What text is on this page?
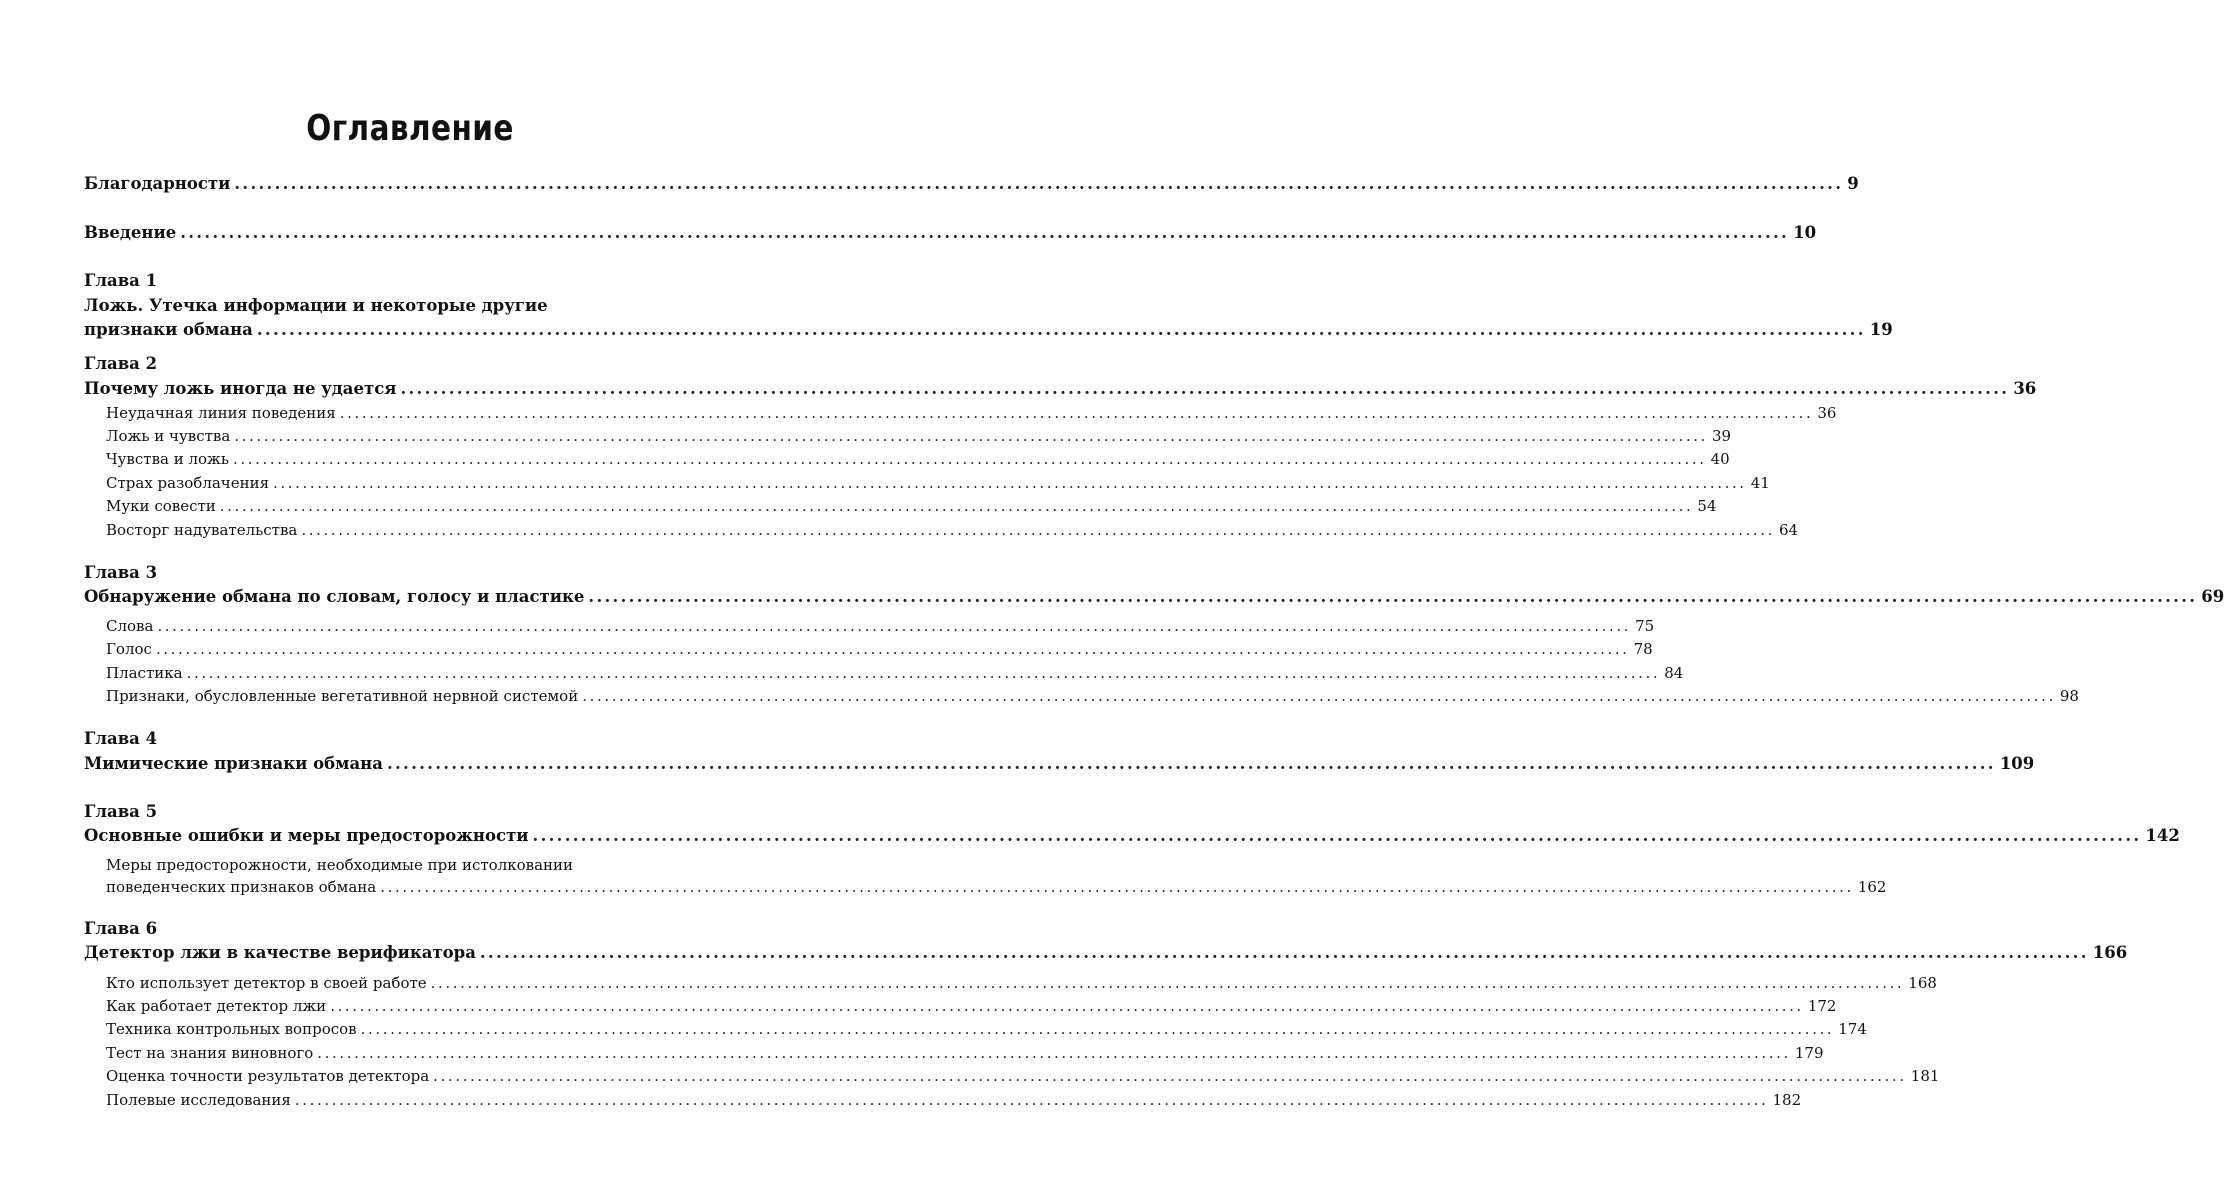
Оглавление
Благодарности ........................................................................................................................................................................................................ 9
Введение ........................................................................................................................................................................................................ 10
Глава 1
Ложь. Утечка информации и некоторые другие
признаки обмана ........................................................................................................................................................................................................ 19
Глава 2
Почему ложь иногда не удается ........................................................................................................................................................................................................ 36
Неудачная линия поведения ........................................................................................................................................................................................................ 36
Ложь и чувства ........................................................................................................................................................................................................ 39
Чувства и ложь ........................................................................................................................................................................................................ 40
Страх разоблачения ........................................................................................................................................................................................................ 41
Муки совести ........................................................................................................................................................................................................ 54
Восторг надувательства ........................................................................................................................................................................................................ 64
Глава 3
Обнаружение обмана по словам, голосу и пластике ........................................................................................................................................................................................................ 69
Слова ........................................................................................................................................................................................................ 75
Голос ........................................................................................................................................................................................................ 78
Пластика ........................................................................................................................................................................................................ 84
Признаки, обусловленные вегетативной нервной системой ........................................................................................................................................................................................................ 98
Глава 4
Мимические признаки обмана ........................................................................................................................................................................................................ 109
Глава 5
Основные ошибки и меры предосторожности ........................................................................................................................................................................................................ 142
Меры предосторожности, необходимые при истолковании
поведенческих признаков обмана ........................................................................................................................................................................................................ 162
Глава 6
Детектор лжи в качестве верификатора ........................................................................................................................................................................................................ 166
Кто использует детектор в своей работе ........................................................................................................................................................................................................ 168
Как работает детектор лжи ........................................................................................................................................................................................................ 172
Техника контрольных вопросов ........................................................................................................................................................................................................ 174
Тест на знания виновного ........................................................................................................................................................................................................ 179
Оценка точности результатов детектора ........................................................................................................................................................................................................ 181
Полевые исследования ........................................................................................................................................................................................................ 182
